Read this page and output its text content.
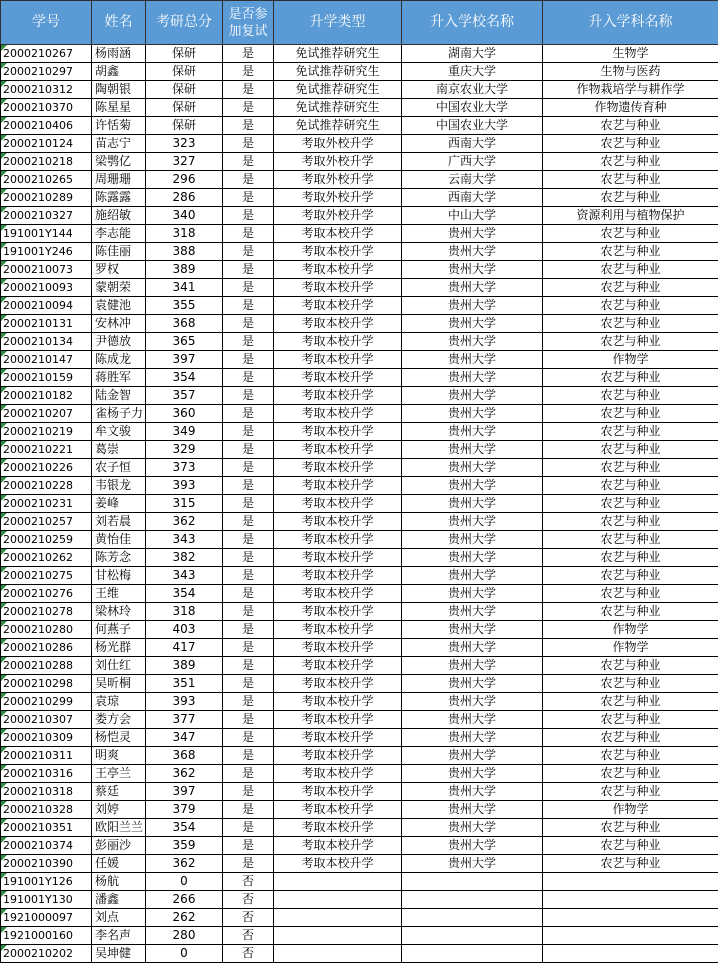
学号	姓名	考研总分	是否参加复试	升学类型	升入学校名称	升入学科名称

2000210267	杨雨涵	保研	是	免试推荐研究生	湖南大学	生物学

2000210297	胡鑫	保研	是	免试推荐研究生	重庆大学	生物与医药

2000210312	陶朝银	保研	是	免试推荐研究生	南京农业大学	作物栽培学与耕作学

2000210370	陈星星	保研	是	免试推荐研究生	中国农业大学	作物遗传育种

2000210406	许恬菊	保研	是	免试推荐研究生	中国农业大学	农艺与种业

2000210124	苗志宁	323	是	考取外校升学	西南大学	农艺与种业

2000210218	梁鹗亿	327	是	考取外校升学	广西大学	农艺与种业

2000210265	周珊珊	296	是	考取外校升学	云南大学	农艺与种业

2000210289	陈露露	286	是	考取外校升学	西南大学	农艺与种业

2000210327	施绍敏	340	是	考取外校升学	中山大学	资源利用与植物保护

191001Y144	李志能	318	是	考取本校升学	贵州大学	农艺与种业

191001Y246	陈佳丽	388	是	考取本校升学	贵州大学	农艺与种业

2000210073	罗权	389	是	考取本校升学	贵州大学	农艺与种业

2000210093	蒙朝荣	341	是	考取本校升学	贵州大学	农艺与种业

2000210094	袁健池	355	是	考取本校升学	贵州大学	农艺与种业

2000210131	安林冲	368	是	考取本校升学	贵州大学	农艺与种业

2000210134	尹德放	365	是	考取本校升学	贵州大学	农艺与种业

2000210147	陈成龙	397	是	考取本校升学	贵州大学	作物学

2000210159	蒋胜军	354	是	考取本校升学	贵州大学	农艺与种业

2000210182	陆金智	357	是	考取本校升学	贵州大学	农艺与种业

2000210207	雀杨子力	360	是	考取本校升学	贵州大学	农艺与种业

2000210219	牟文骏	349	是	考取本校升学	贵州大学	农艺与种业

2000210221	葛崇	329	是	考取本校升学	贵州大学	农艺与种业

2000210226	农子恒	373	是	考取本校升学	贵州大学	农艺与种业

2000210228	韦银龙	393	是	考取本校升学	贵州大学	农艺与种业

2000210231	姜峰	315	是	考取本校升学	贵州大学	农艺与种业

2000210257	刘若晨	362	是	考取本校升学	贵州大学	农艺与种业

2000210259	黄怡佳	343	是	考取本校升学	贵州大学	农艺与种业

2000210262	陈芳念	382	是	考取本校升学	贵州大学	农艺与种业

2000210275	甘松梅	343	是	考取本校升学	贵州大学	农艺与种业

2000210276	王维	354	是	考取本校升学	贵州大学	农艺与种业

2000210278	梁林玲	318	是	考取本校升学	贵州大学	农艺与种业

2000210280	何燕子	403	是	考取本校升学	贵州大学	作物学

2000210286	杨光群	417	是	考取本校升学	贵州大学	作物学

2000210288	刘仕红	389	是	考取本校升学	贵州大学	农艺与种业

2000210298	吴昕桐	351	是	考取本校升学	贵州大学	农艺与种业

2000210299	袁琼	393	是	考取本校升学	贵州大学	农艺与种业

2000210307	娄方会	377	是	考取本校升学	贵州大学	农艺与种业

2000210309	杨恺灵	347	是	考取本校升学	贵州大学	农艺与种业

2000210311	明爽	368	是	考取本校升学	贵州大学	农艺与种业

2000210316	王亭兰	362	是	考取本校升学	贵州大学	农艺与种业

2000210318	蔡廷	397	是	考取本校升学	贵州大学	农艺与种业

2000210328	刘婷	379	是	考取本校升学	贵州大学	作物学

2000210351	欧阳兰兰	354	是	考取本校升学	贵州大学	农艺与种业

2000210374	彭丽沙	359	是	考取本校升学	贵州大学	农艺与种业

2000210390	任媛	362	是	考取本校升学	贵州大学	农艺与种业

191001Y126	杨航	0	否			

191001Y130	潘鑫	266	否			

1921000097	刘点	262	否			

1921000160	李名声	280	否			

2000210202	吴坤健	0	否			
